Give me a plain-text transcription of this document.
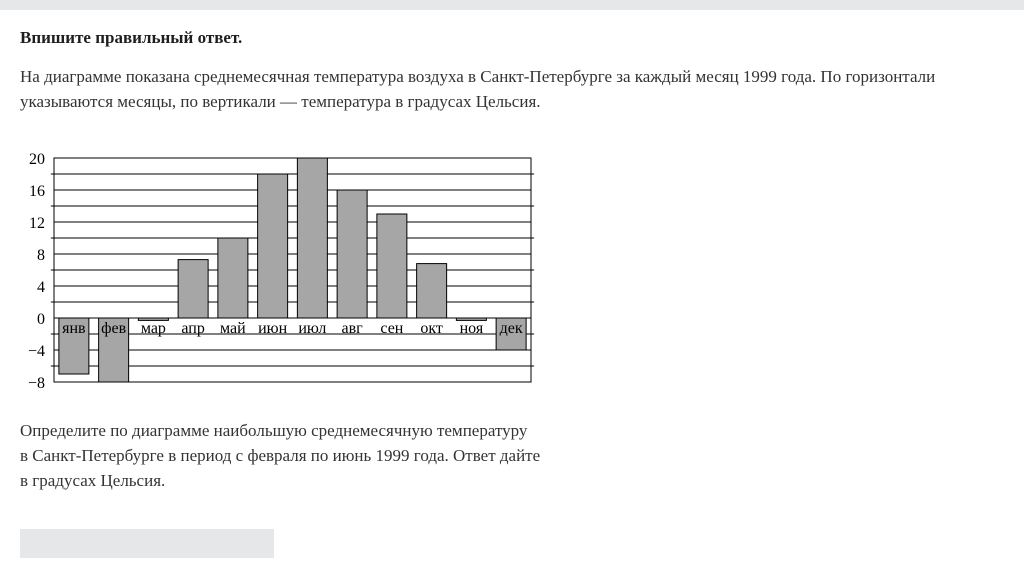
Впишите правильный ответ.
На диаграмме показана среднемесячная температура воздуха в Санкт-Петербурге за каждый месяц 1999 года. По горизонтали указываются месяцы, по вертикали — температура в градусах Цельсия.
20
16
12
8
4
0
−4
−8
янв фев мар апр май июн июл авг сен окт ноя дек
Определите по диаграмме наибольшую среднемесячную температуру
в Санкт-Петербурге в период с февраля по июнь 1999 года. Ответ дайте
в градусах Цельсия.
